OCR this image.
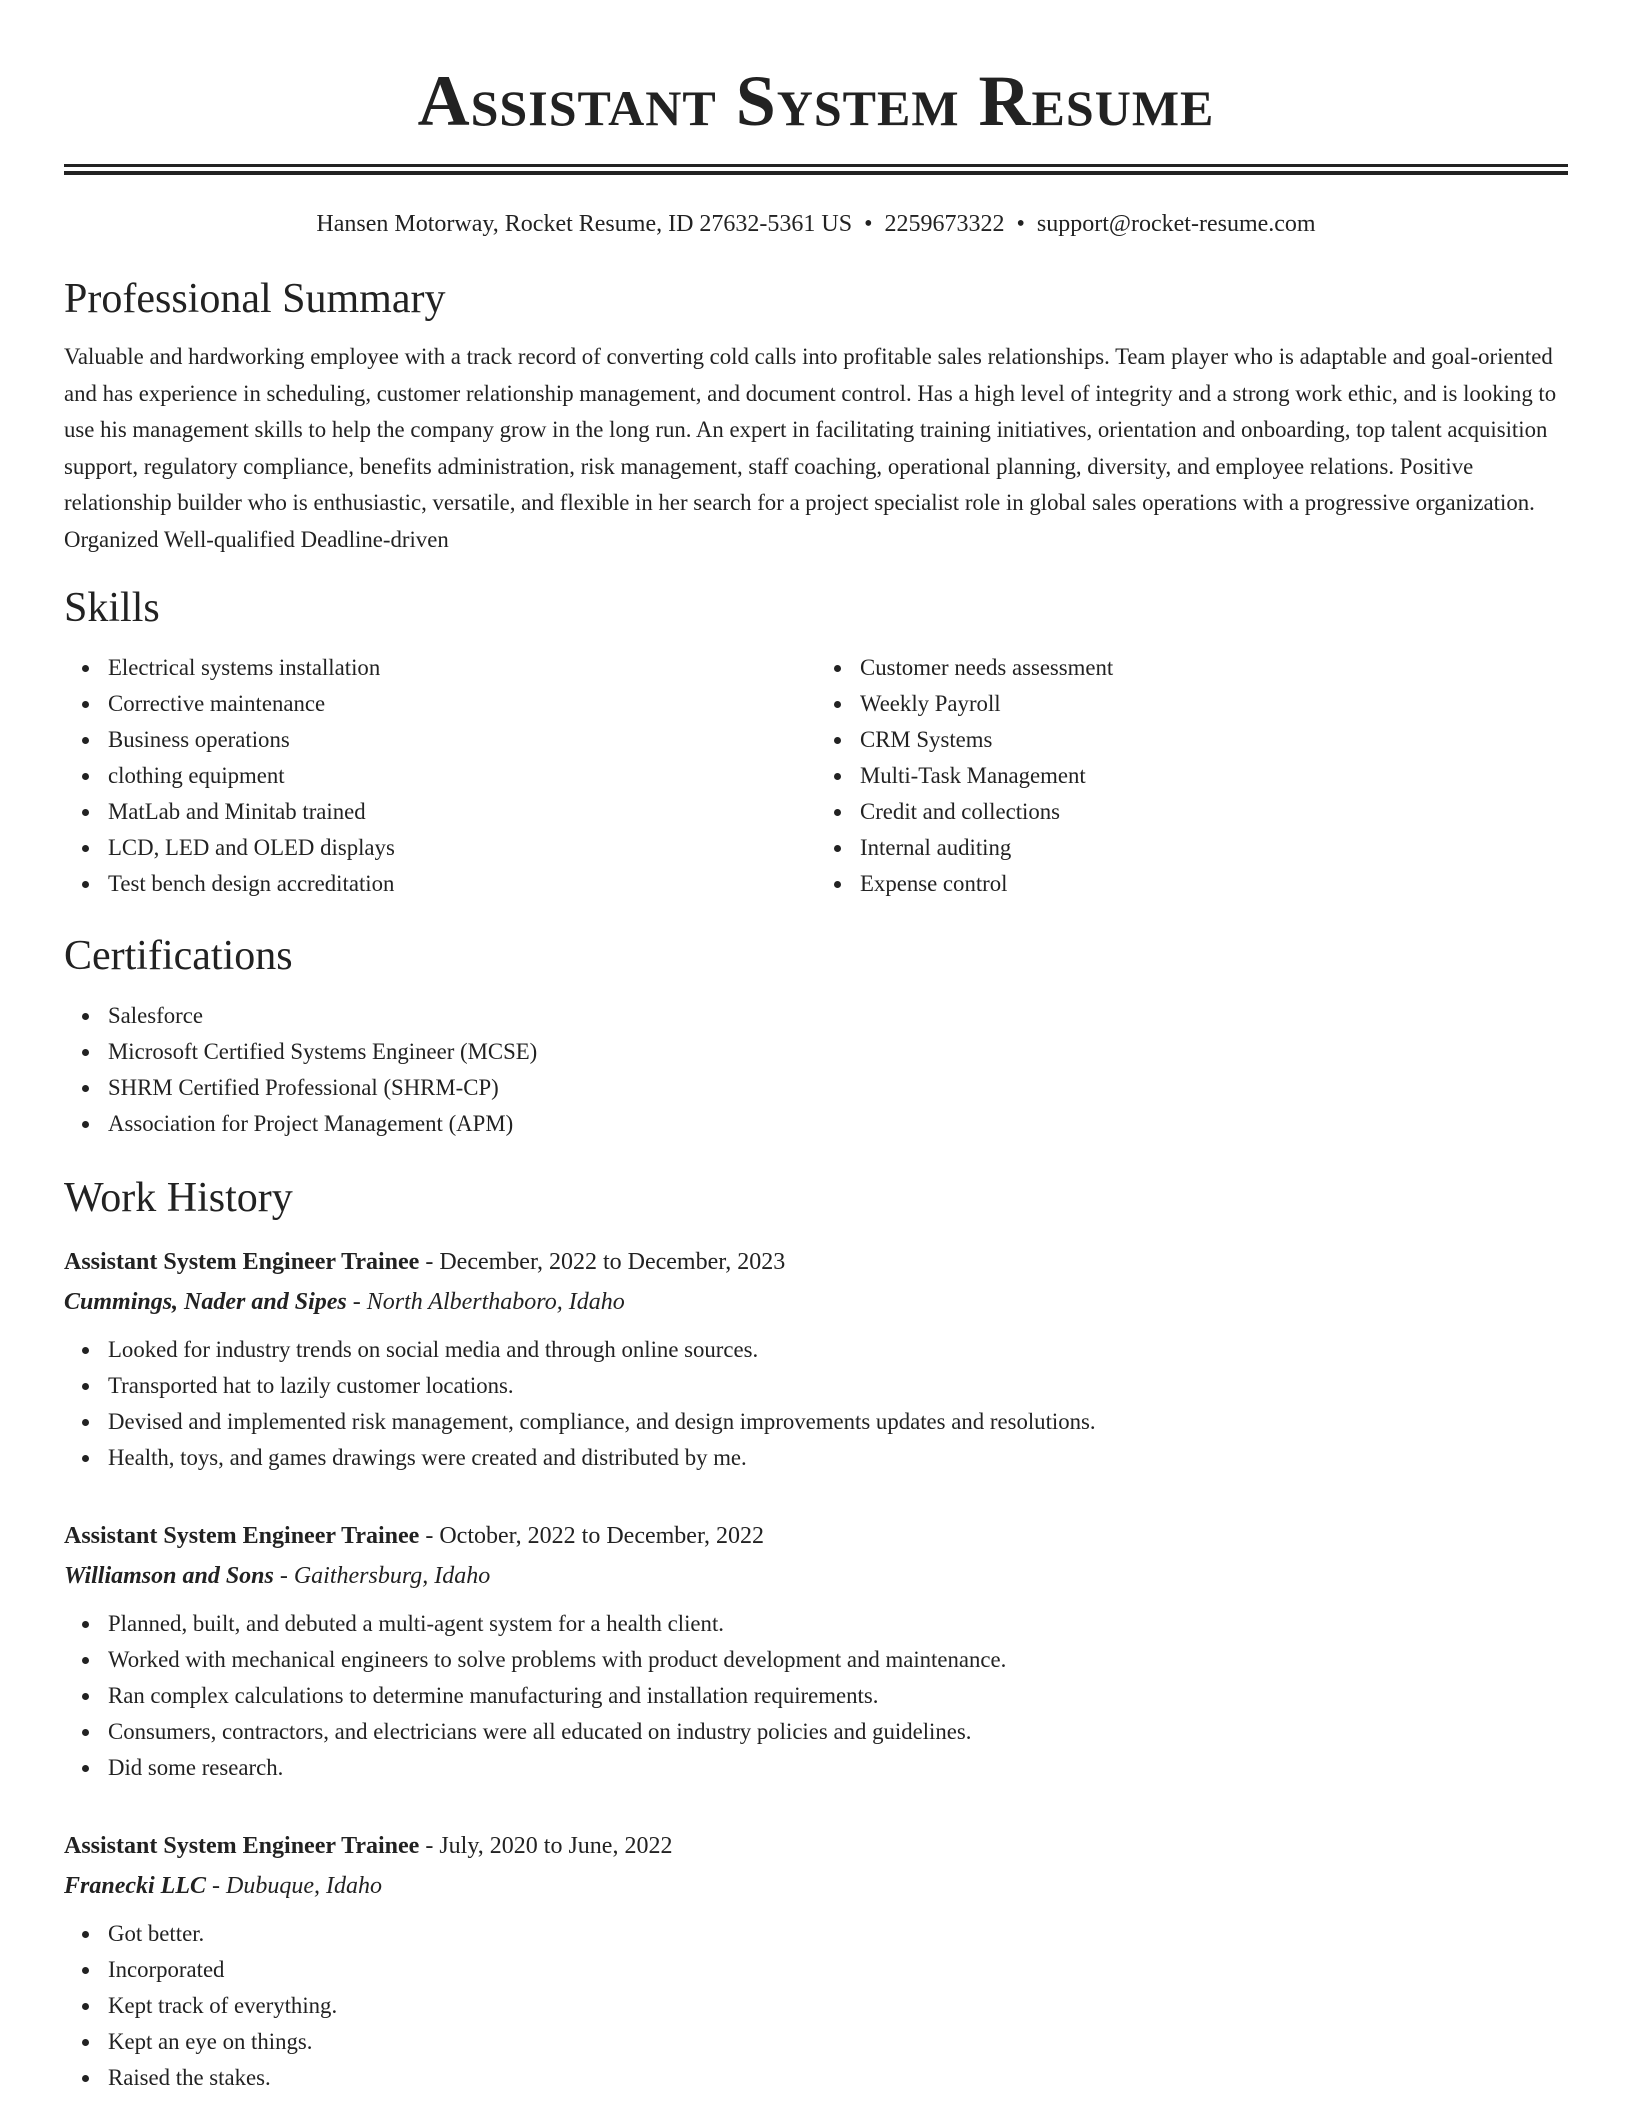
Assistant System Resume
Hansen Motorway, Rocket Resume, ID 27632-5361 US • 2259673322 • support@rocket-resume.com
Professional Summary

Valuable and hardworking employee with a track record of converting cold calls into profitable sales relationships. Team player who is adaptable and goal-oriented and has experience in scheduling, customer relationship management, and document control. Has a high level of integrity and a strong work ethic, and is looking to use his management skills to help the company grow in the long run. An expert in facilitating training initiatives, orientation and onboarding, top talent acquisition support, regulatory compliance, benefits administration, risk management, staff coaching, operational planning, diversity, and employee relations. Positive relationship builder who is enthusiastic, versatile, and flexible in her search for a project specialist role in global sales operations with a progressive organization. Organized Well-qualified Deadline-driven

Skills
Electrical systems installation
Corrective maintenance
Business operations
clothing equipment
MatLab and Minitab trained
LCD, LED and OLED displays
Test bench design accreditation
Customer needs assessment
Weekly Payroll
CRM Systems
Multi-Task Management
Credit and collections
Internal auditing
Expense control
Certifications
Salesforce
Microsoft Certified Systems Engineer (MCSE)
SHRM Certified Professional (SHRM-CP)
Association for Project Management (APM)
Work History
Assistant System Engineer Trainee - December, 2022 to December, 2023
Cummings, Nader and Sipes - North Alberthaboro, Idaho
Looked for industry trends on social media and through online sources.
Transported hat to lazily customer locations.
Devised and implemented risk management, compliance, and design improvements updates and resolutions.
Health, toys, and games drawings were created and distributed by me.
Assistant System Engineer Trainee - October, 2022 to December, 2022
Williamson and Sons - Gaithersburg, Idaho
Planned, built, and debuted a multi-agent system for a health client.
Worked with mechanical engineers to solve problems with product development and maintenance.
Ran complex calculations to determine manufacturing and installation requirements.
Consumers, contractors, and electricians were all educated on industry policies and guidelines.
Did some research.
Assistant System Engineer Trainee - July, 2020 to June, 2022
Franecki LLC - Dubuque, Idaho
Got better.
Incorporated
Kept track of everything.
Kept an eye on things.
Raised the stakes.
